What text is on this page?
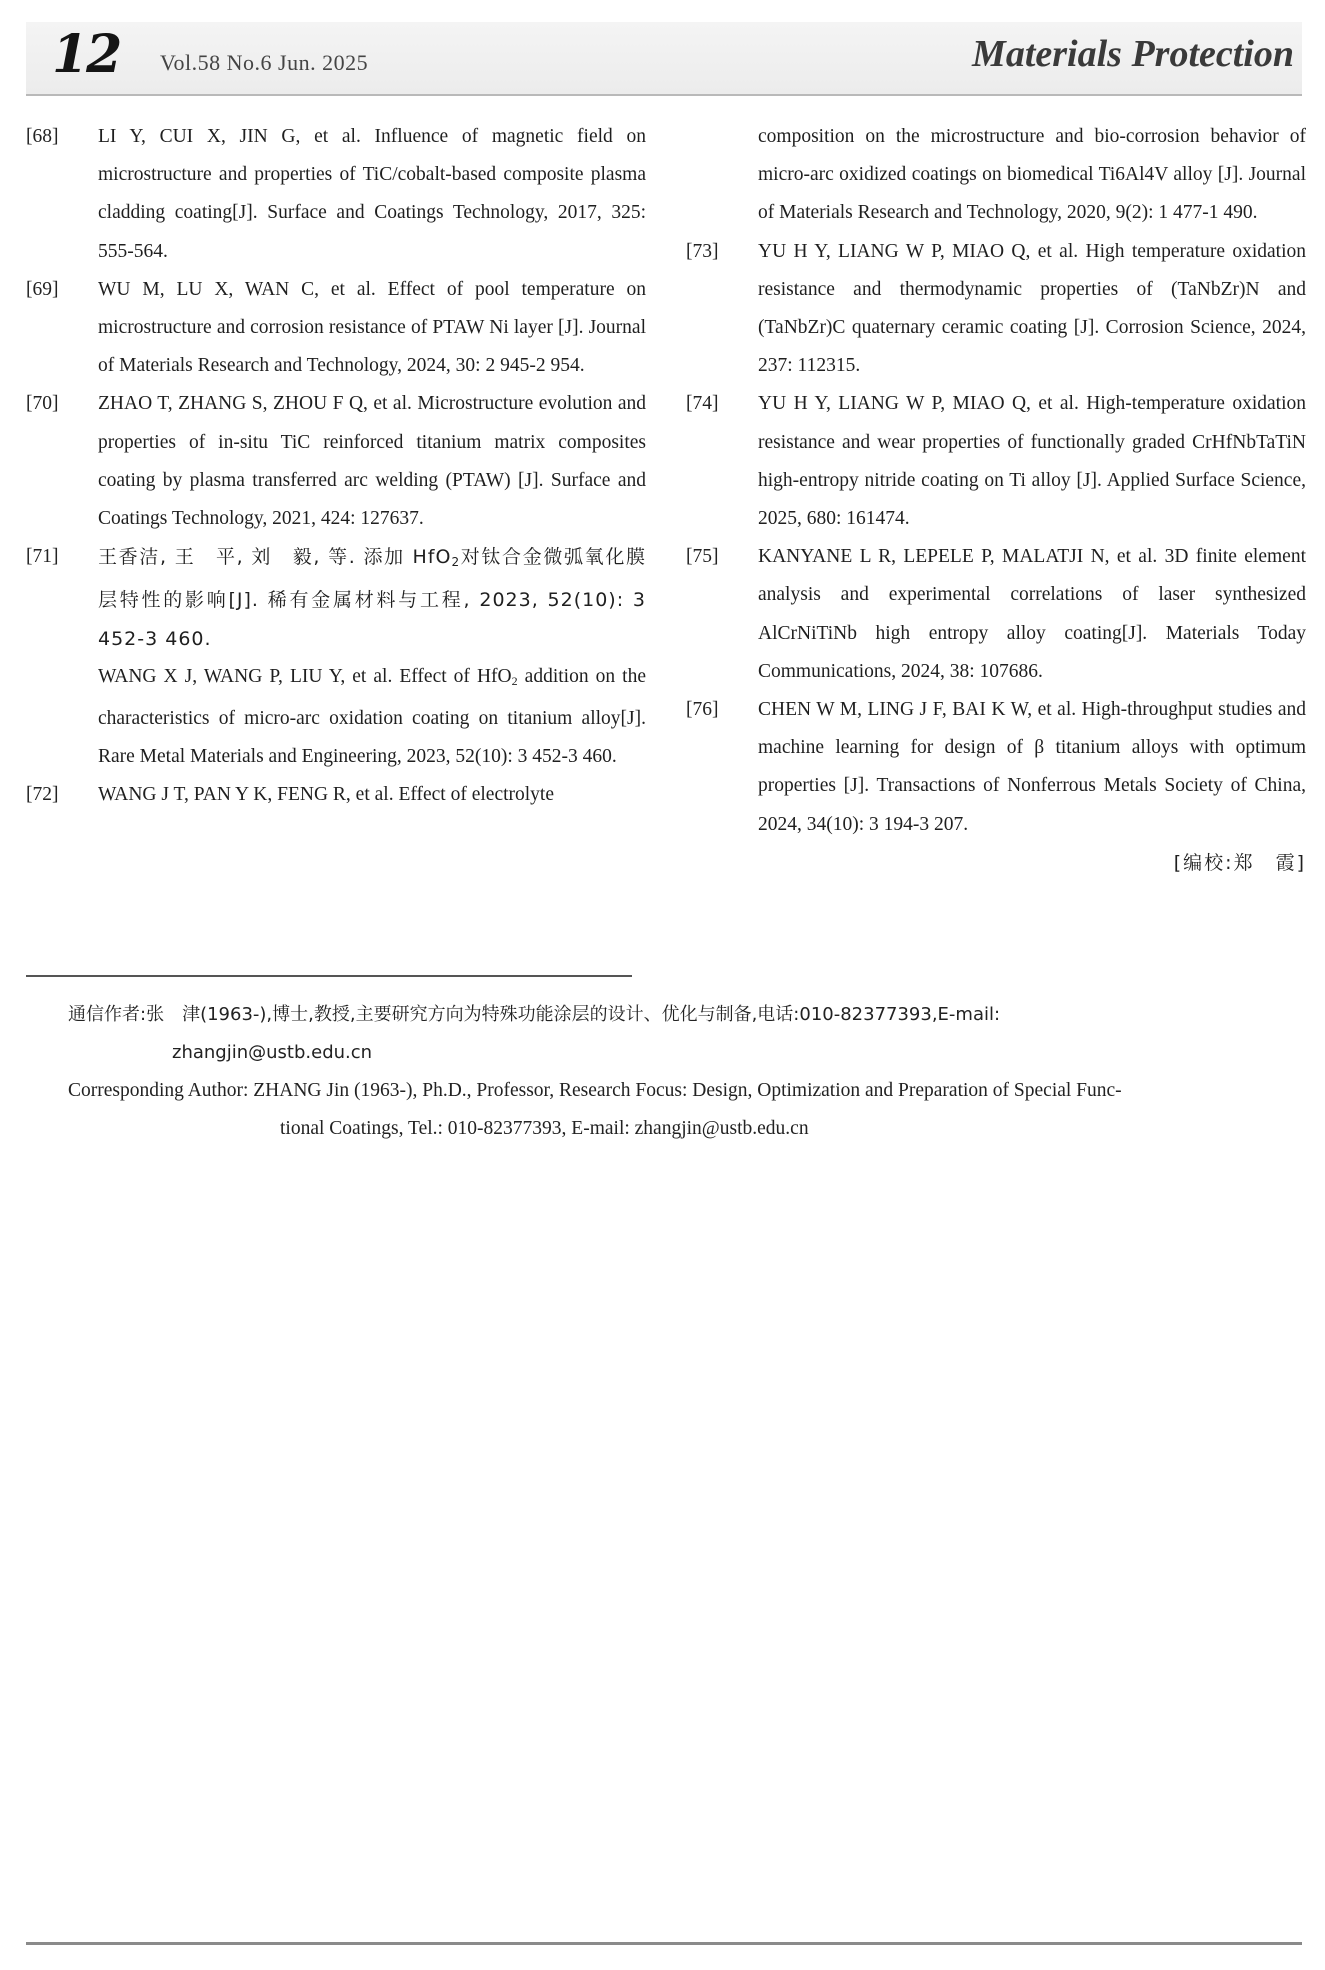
12 Vol.58 No.6 Jun. 2025	Materials Protection
[68] LI Y, CUI X, JIN G, et al. Influence of magnetic field on microstructure and properties of TiC/cobalt-based composite plasma cladding coating[J]. Surface and Coatings Technology, 2017, 325: 555-564.
[69] WU M, LU X, WAN C, et al. Effect of pool temperature on microstructure and corrosion resistance of PTAW Ni layer [J]. Journal of Materials Research and Technology, 2024, 30: 2 945-2 954.
[70] ZHAO T, ZHANG S, ZHOU F Q, et al. Microstructure evolution and properties of in-situ TiC reinforced titanium matrix composites coating by plasma transferred arc welding (PTAW) [J]. Surface and Coatings Technology, 2021, 424: 127637.
[71] 王香洁, 王　平, 刘　毅, 等. 添加 HfO$_2$对钛合金微弧氧化膜层特性的影响[J]. 稀有金属材料与工程, 2023, 52(10): 3 452-3 460.
WANG X J, WANG P, LIU Y, et al. Effect of HfO$_2$ addition on the characteristics of micro-arc oxidation coating on titanium alloy[J]. Rare Metal Materials and Engineering, 2023, 52(10): 3 452-3 460.
[72] WANG J T, PAN Y K, FENG R, et al. Effect of electrolyte
composition on the microstructure and bio-corrosion behavior of micro-arc oxidized coatings on biomedical Ti6Al4V alloy [J]. Journal of Materials Research and Technology, 2020, 9(2): 1 477-1 490.
[73] YU H Y, LIANG W P, MIAO Q, et al. High temperature oxidation resistance and thermodynamic properties of (TaNbZr)N and (TaNbZr)C quaternary ceramic coating [J]. Corrosion Science, 2024, 237: 112315.
[74] YU H Y, LIANG W P, MIAO Q, et al. High-temperature oxidation resistance and wear properties of functionally graded CrHfNbTaTiN high-entropy nitride coating on Ti alloy [J]. Applied Surface Science, 2025, 680: 161474.
[75] KANYANE L R, LEPELE P, MALATJI N, et al. 3D finite element analysis and experimental correlations of laser synthesized AlCrNiTiNb high entropy alloy coating[J]. Materials Today Communications, 2024, 38: 107686.
[76] CHEN W M, LING J F, BAI K W, et al. High-throughput studies and machine learning for design of β titanium alloys with optimum properties [J]. Transactions of Nonferrous Metals Society of China, 2024, 34(10): 3 194-3 207.
[编校:郑　霞]
通信作者:张　津(1963-),博士,教授,主要研究方向为特殊功能涂层的设计、优化与制备,电话:010-82377393,E-mail:
zhangjin@ustb.edu.cn
Corresponding Author: ZHANG Jin (1963-), Ph.D., Professor, Research Focus: Design, Optimization and Preparation of Special Func-
tional Coatings, Tel.: 010-82377393, E-mail: zhangjin@ustb.edu.cn
